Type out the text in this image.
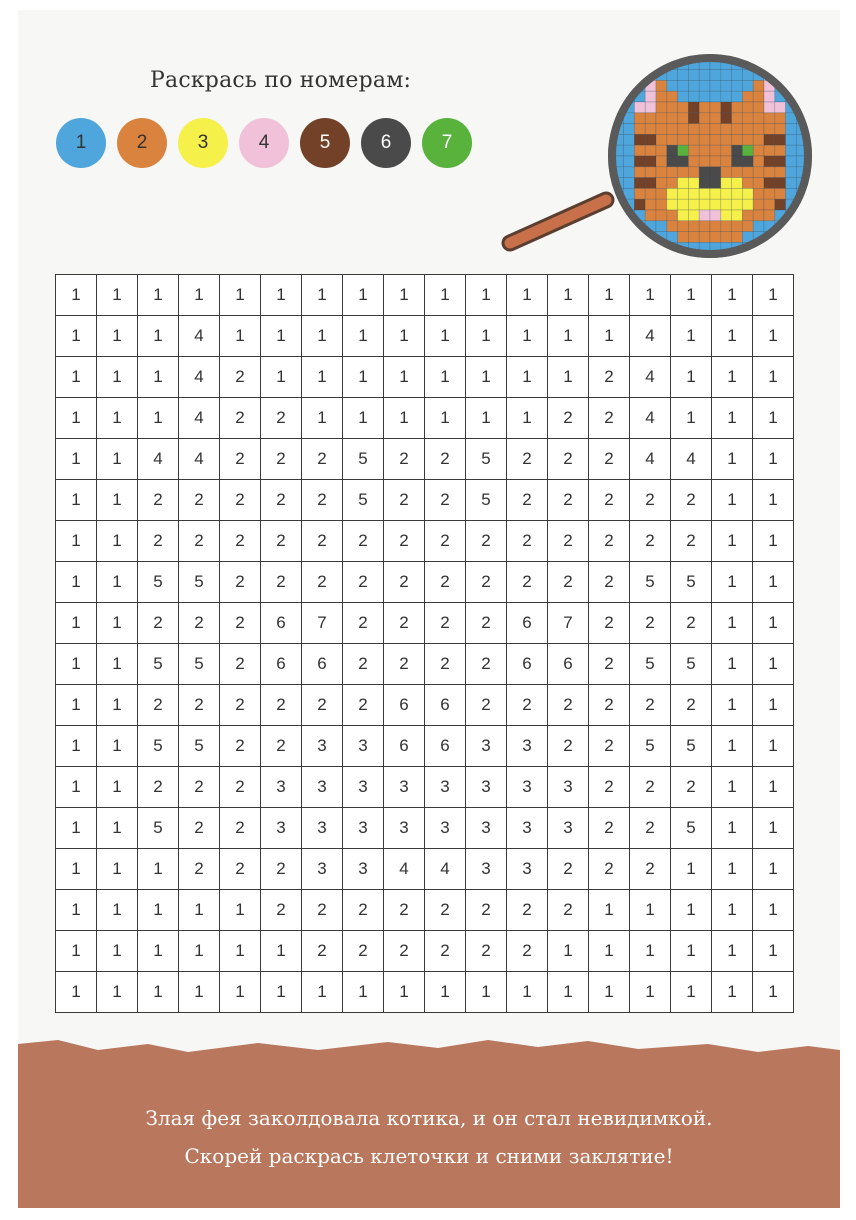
Раскрась по номерам:
1	2	3	4	5	6	7
1	1	1	1	1	1	1	1	1	1	1	1	1	1	1	1	1	1
1	1	1	4	1	1	1	1	1	1	1	1	1	1	4	1	1	1
1	1	1	4	2	1	1	1	1	1	1	1	1	2	4	1	1	1
1	1	1	4	2	2	1	1	1	1	1	1	2	2	4	1	1	1
1	1	4	4	2	2	2	5	2	2	5	2	2	2	4	4	1	1
1	1	2	2	2	2	2	5	2	2	5	2	2	2	2	2	1	1
1	1	2	2	2	2	2	2	2	2	2	2	2	2	2	2	1	1
1	1	5	5	2	2	2	2	2	2	2	2	2	2	5	5	1	1
1	1	2	2	2	6	7	2	2	2	2	6	7	2	2	2	1	1
1	1	5	5	2	6	6	2	2	2	2	6	6	2	5	5	1	1
1	1	2	2	2	2	2	2	6	6	2	2	2	2	2	2	1	1
1	1	5	5	2	2	3	3	6	6	3	3	2	2	5	5	1	1
1	1	2	2	2	3	3	3	3	3	3	3	3	2	2	2	1	1
1	1	5	2	2	3	3	3	3	3	3	3	3	2	2	5	1	1
1	1	1	2	2	2	3	3	4	4	3	3	2	2	2	1	1	1
1	1	1	1	1	2	2	2	2	2	2	2	2	1	1	1	1	1
1	1	1	1	1	1	2	2	2	2	2	2	1	1	1	1	1	1
1	1	1	1	1	1	1	1	1	1	1	1	1	1	1	1	1	1
Злая фея заколдовала котика, и он стал невидимкой.
Скорей раскрась клеточки и сними заклятие!
